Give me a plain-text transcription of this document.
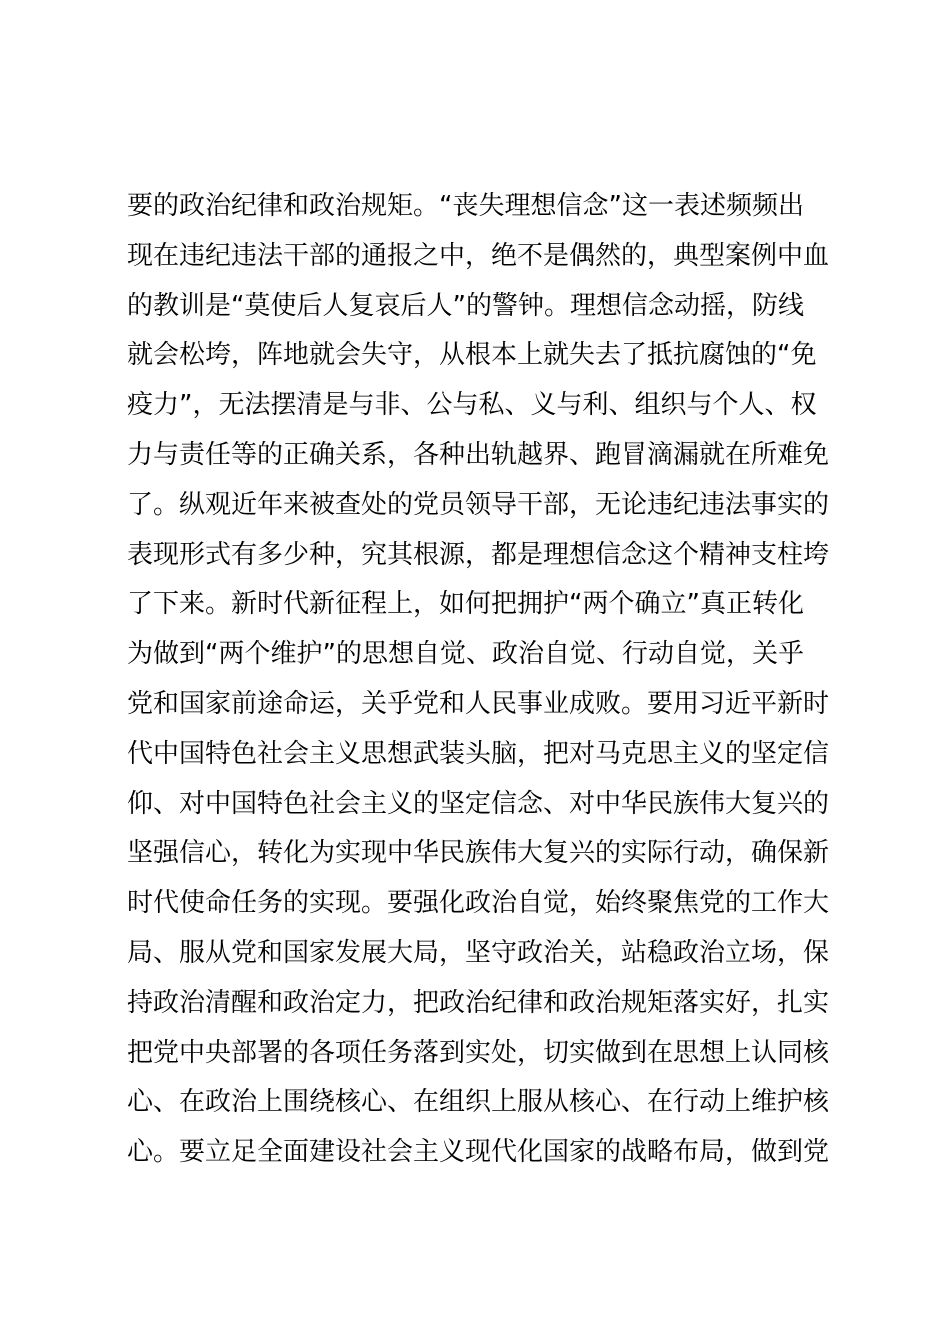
要的政治纪律和政治规矩。“丧失理想信念”这一表述频频出
现在违纪违法干部的通报之中，绝不是偶然的，典型案例中血
的教训是“莫使后人复哀后人”的警钟。理想信念动摇，防线
就会松垮，阵地就会失守，从根本上就失去了抵抗腐蚀的“免
疫力”，无法摆清是与非、公与私、义与利、组织与个人、权
力与责任等的正确关系，各种出轨越界、跑冒滴漏就在所难免
了。纵观近年来被查处的党员领导干部，无论违纪违法事实的
表现形式有多少种，究其根源，都是理想信念这个精神支柱垮
了下来。新时代新征程上，如何把拥护“两个确立”真正转化
为做到“两个维护”的思想自觉、政治自觉、行动自觉，关乎
党和国家前途命运，关乎党和人民事业成败。要用习近平新时
代中国特色社会主义思想武装头脑，把对马克思主义的坚定信
仰、对中国特色社会主义的坚定信念、对中华民族伟大复兴的
坚强信心，转化为实现中华民族伟大复兴的实际行动，确保新
时代使命任务的实现。要强化政治自觉，始终聚焦党的工作大
局、服从党和国家发展大局，坚守政治关，站稳政治立场，保
持政治清醒和政治定力，把政治纪律和政治规矩落实好，扎实
把党中央部署的各项任务落到实处，切实做到在思想上认同核
心、在政治上围绕核心、在组织上服从核心、在行动上维护核
心。要立足全面建设社会主义现代化国家的战略布局，做到党
